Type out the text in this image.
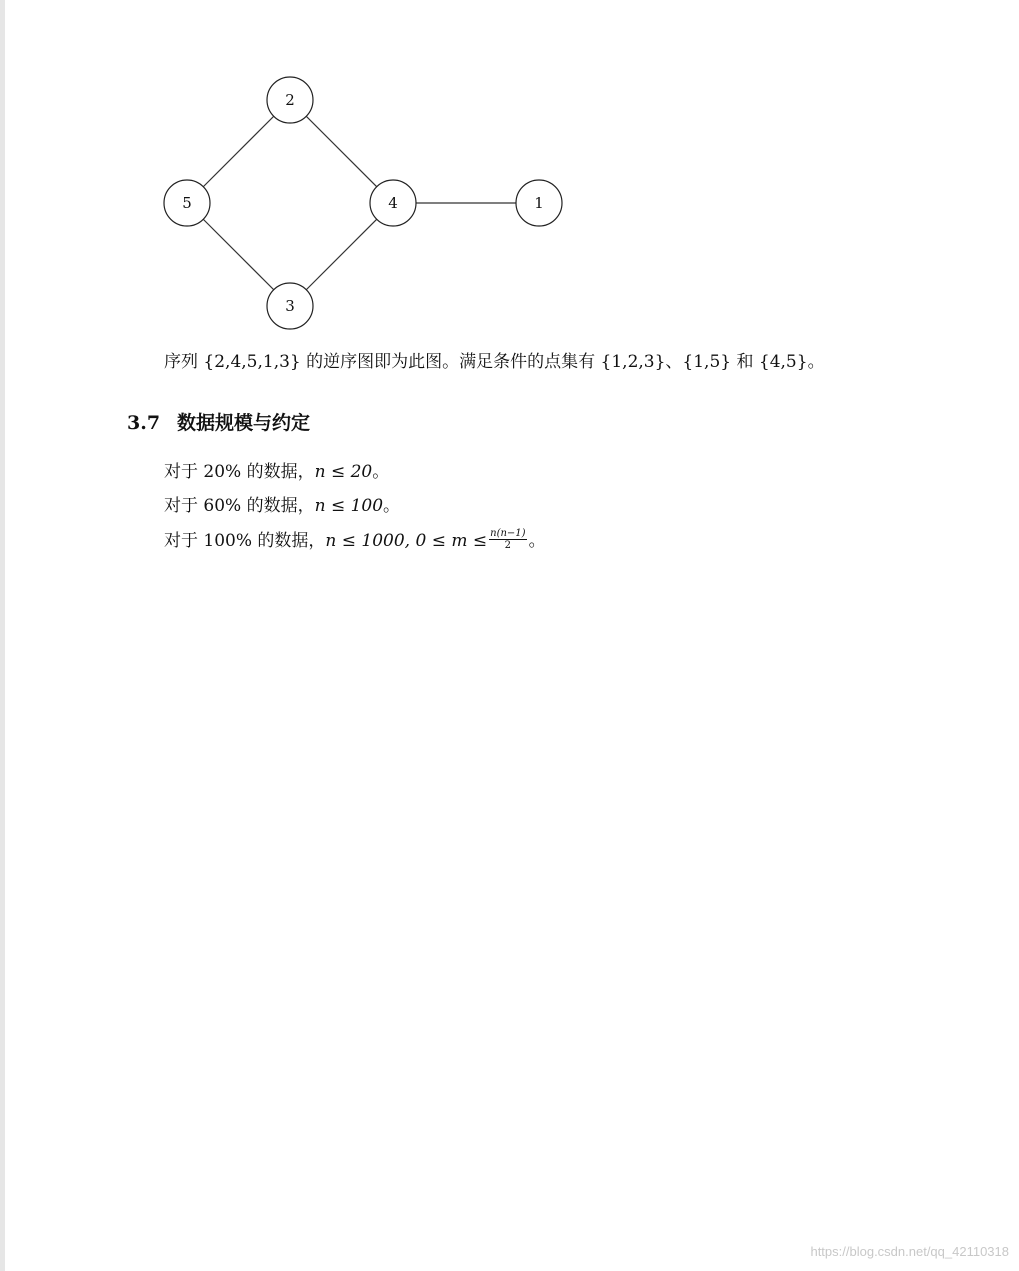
2
5	4	1
3
序列 {2,4,5,1,3} 的逆序图即为此图。满足条件的点集有 {1,2,3}、{1,5} 和 {4,5}。
3.7 数据规模与约定
对于 20% 的数据，n ≤ 20。
对于 60% 的数据，n ≤ 100。
对于 100% 的数据，n ≤ 1000, $0 \le m \le \frac{n(n-1)}{2}$ 。
https://blog.csdn.net/qq_42110318
